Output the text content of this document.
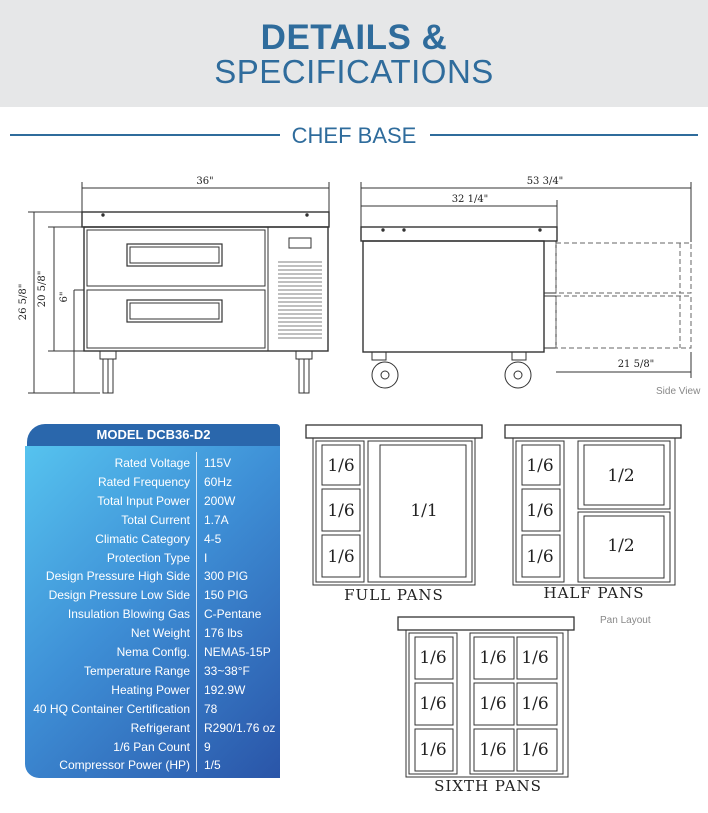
DETAILS &
SPECIFICATIONS
CHEF BASE
36"
26 5/8" 20 5/8" 6"
53 3/4"
32 1/4"
21 5/8"
1/6
1/6
1/6
1/1
FULL PANS
1/6
1/6
1/6
1/2
1/2
HALF PANS
1/6
1/6
1/6
1/6 1/6
1/6 1/6
1/6 1/6
SIXTH PANS
Side View
Pan Layout
MODEL DCB36-D2
Rated Voltage 115V
Rated Frequency 60Hz
Total Input Power 200W
Total Current 1.7A
Climatic Category 4-5
Protection Type I
Design Pressure High Side 300 PIG
Design Pressure Low Side 150 PIG
Insulation Blowing Gas C-Pentane
Net Weight 176 lbs
Nema Config. NEMA5-15P
Temperature Range 33~38°F
Heating Power 192.9W
40 HQ Container Certification 78
Refrigerant R290/1.76 oz
1/6 Pan Count 9
Compressor Power (HP) 1/5
